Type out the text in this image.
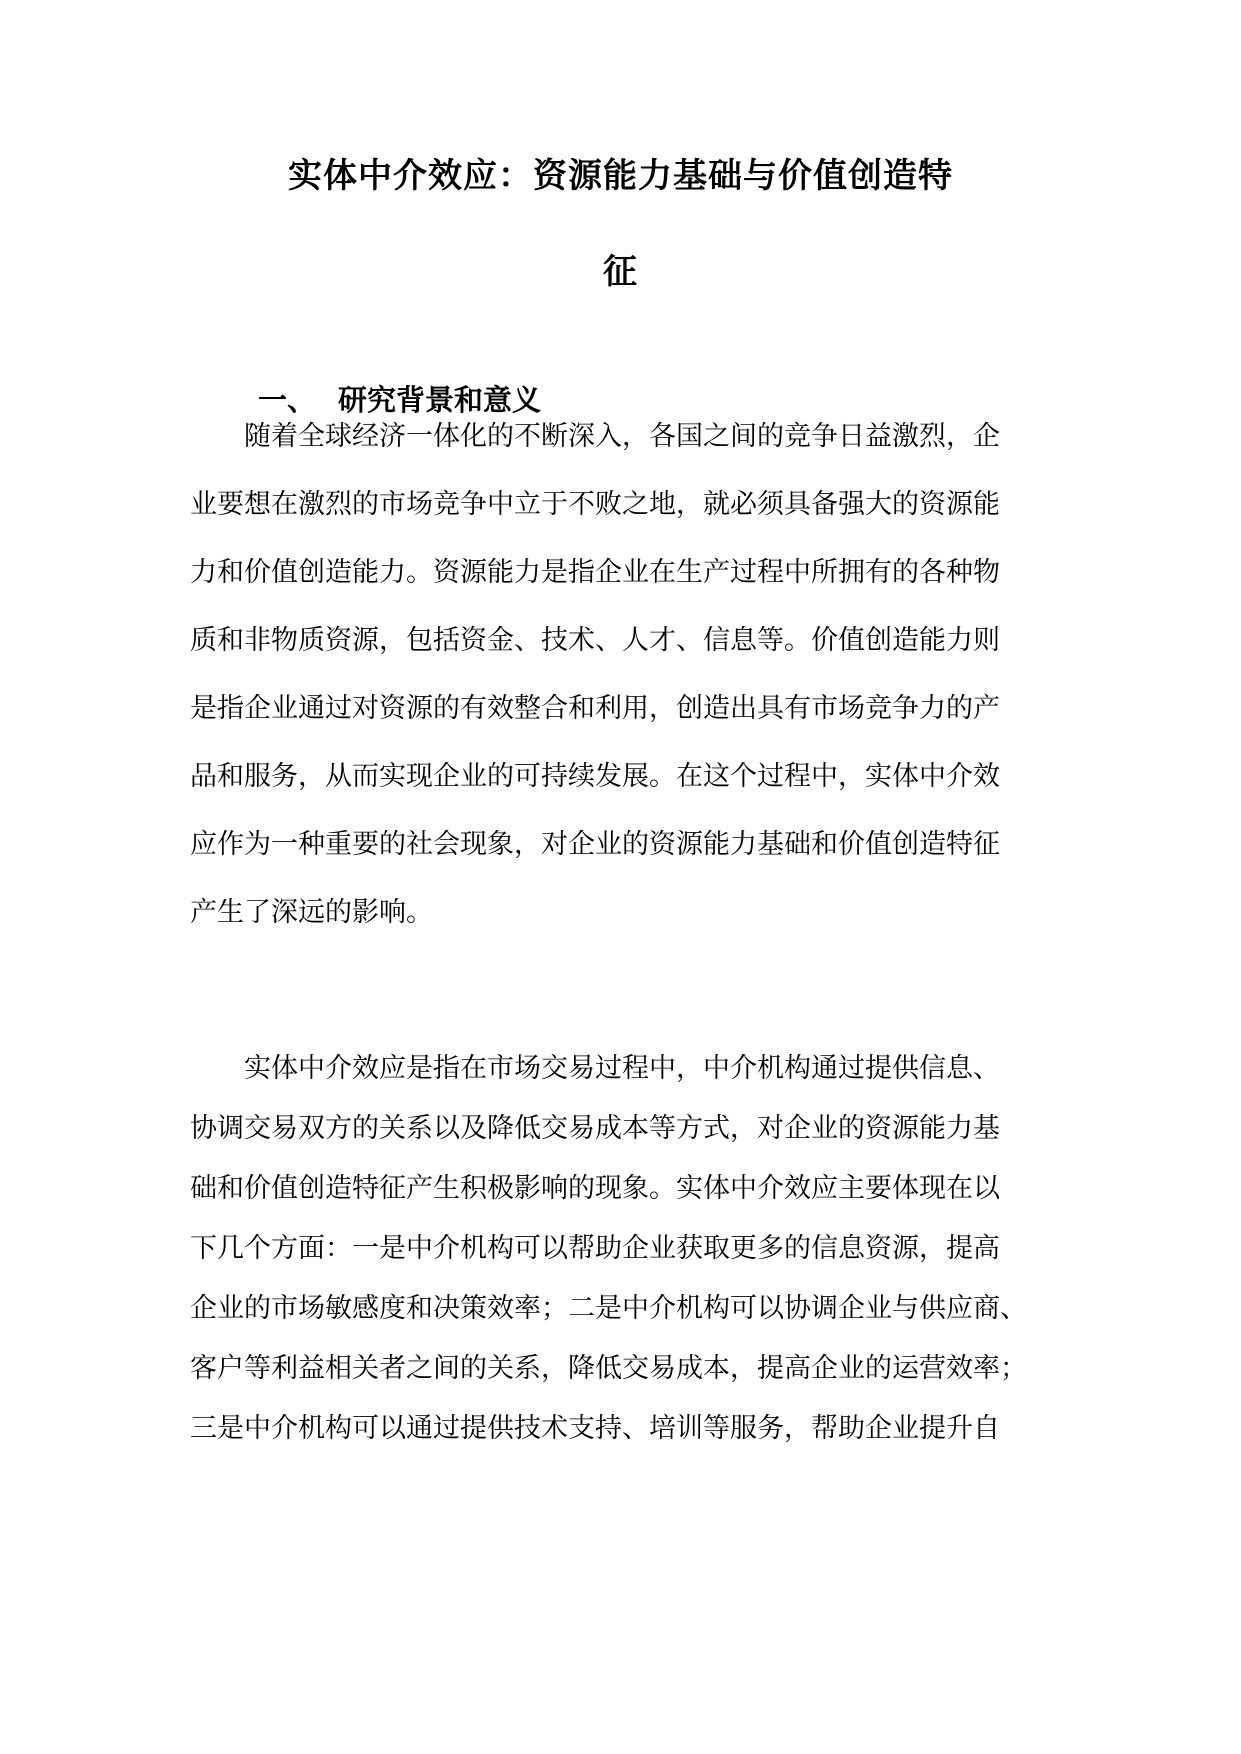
实体中介效应：资源能力基础与价值创造特
征
一、 研究背景和意义
随着全球经济一体化的不断深入，各国之间的竞争日益激烈，企
业要想在激烈的市场竞争中立于不败之地，就必须具备强大的资源能
力和价值创造能力。资源能力是指企业在生产过程中所拥有的各种物
质和非物质资源，包括资金、技术、人才、信息等。价值创造能力则
是指企业通过对资源的有效整合和利用，创造出具有市场竞争力的产
品和服务，从而实现企业的可持续发展。在这个过程中，实体中介效
应作为一种重要的社会现象，对企业的资源能力基础和价值创造特征
产生了深远的影响。
实体中介效应是指在市场交易过程中，中介机构通过提供信息、
协调交易双方的关系以及降低交易成本等方式，对企业的资源能力基
础和价值创造特征产生积极影响的现象。实体中介效应主要体现在以
下几个方面：一是中介机构可以帮助企业获取更多的信息资源，提高
企业的市场敏感度和决策效率；二是中介机构可以协调企业与供应商、
客户等利益相关者之间的关系，降低交易成本，提高企业的运营效率；
三是中介机构可以通过提供技术支持、培训等服务，帮助企业提升自
